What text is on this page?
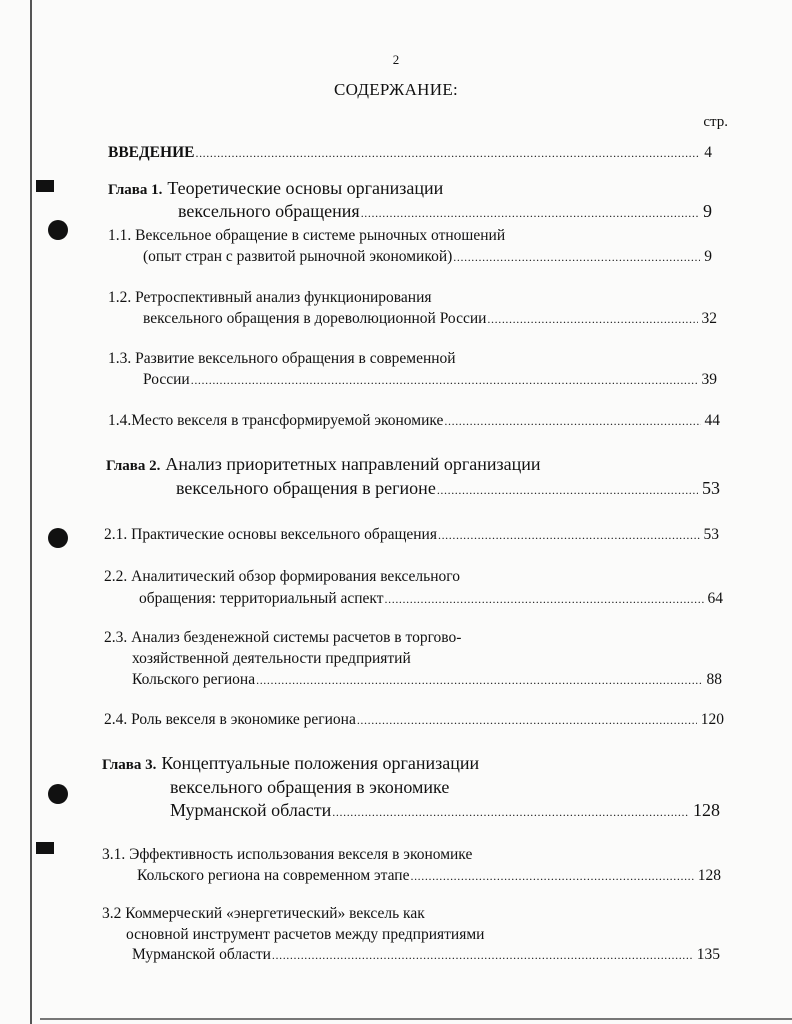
2
СОДЕРЖАНИЕ:
стр.
ВВЕДЕНИЕ .....	4
Глава 1. Теоретические основы организации
вексельного обращения .....	9
1.1. Вексельное обращение в системе рыночных отношений
(опыт стран с развитой рыночной экономикой) .....	9
1.2. Ретроспективный анализ функционирования
вексельного обращения в дореволюционной России .....	32
1.3. Развитие вексельного обращения в современной
России .....	39
1.4.Место векселя в трансформируемой экономике .....	44
Глава 2. Анализ приоритетных направлений организации
вексельного обращения в регионе .....	53
2.1. Практические основы вексельного обращения .....	53
2.2. Аналитический обзор формирования вексельного
обращения: территориальный аспект .....	64
2.3. Анализ безденежной системы расчетов в торгово-
хозяйственной деятельности предприятий
Кольского региона .....	88
2.4. Роль векселя в экономике региона .....	120
Глава 3. Концептуальные положения организации
вексельного обращения в экономике
Мурманской области .....	128
3.1. Эффективность использования векселя в экономике
Кольского региона на современном этапе .....	128
3.2 Коммерческий «энергетический» вексель как
основной инструмент расчетов между предприятиями
Мурманской области .....	135
